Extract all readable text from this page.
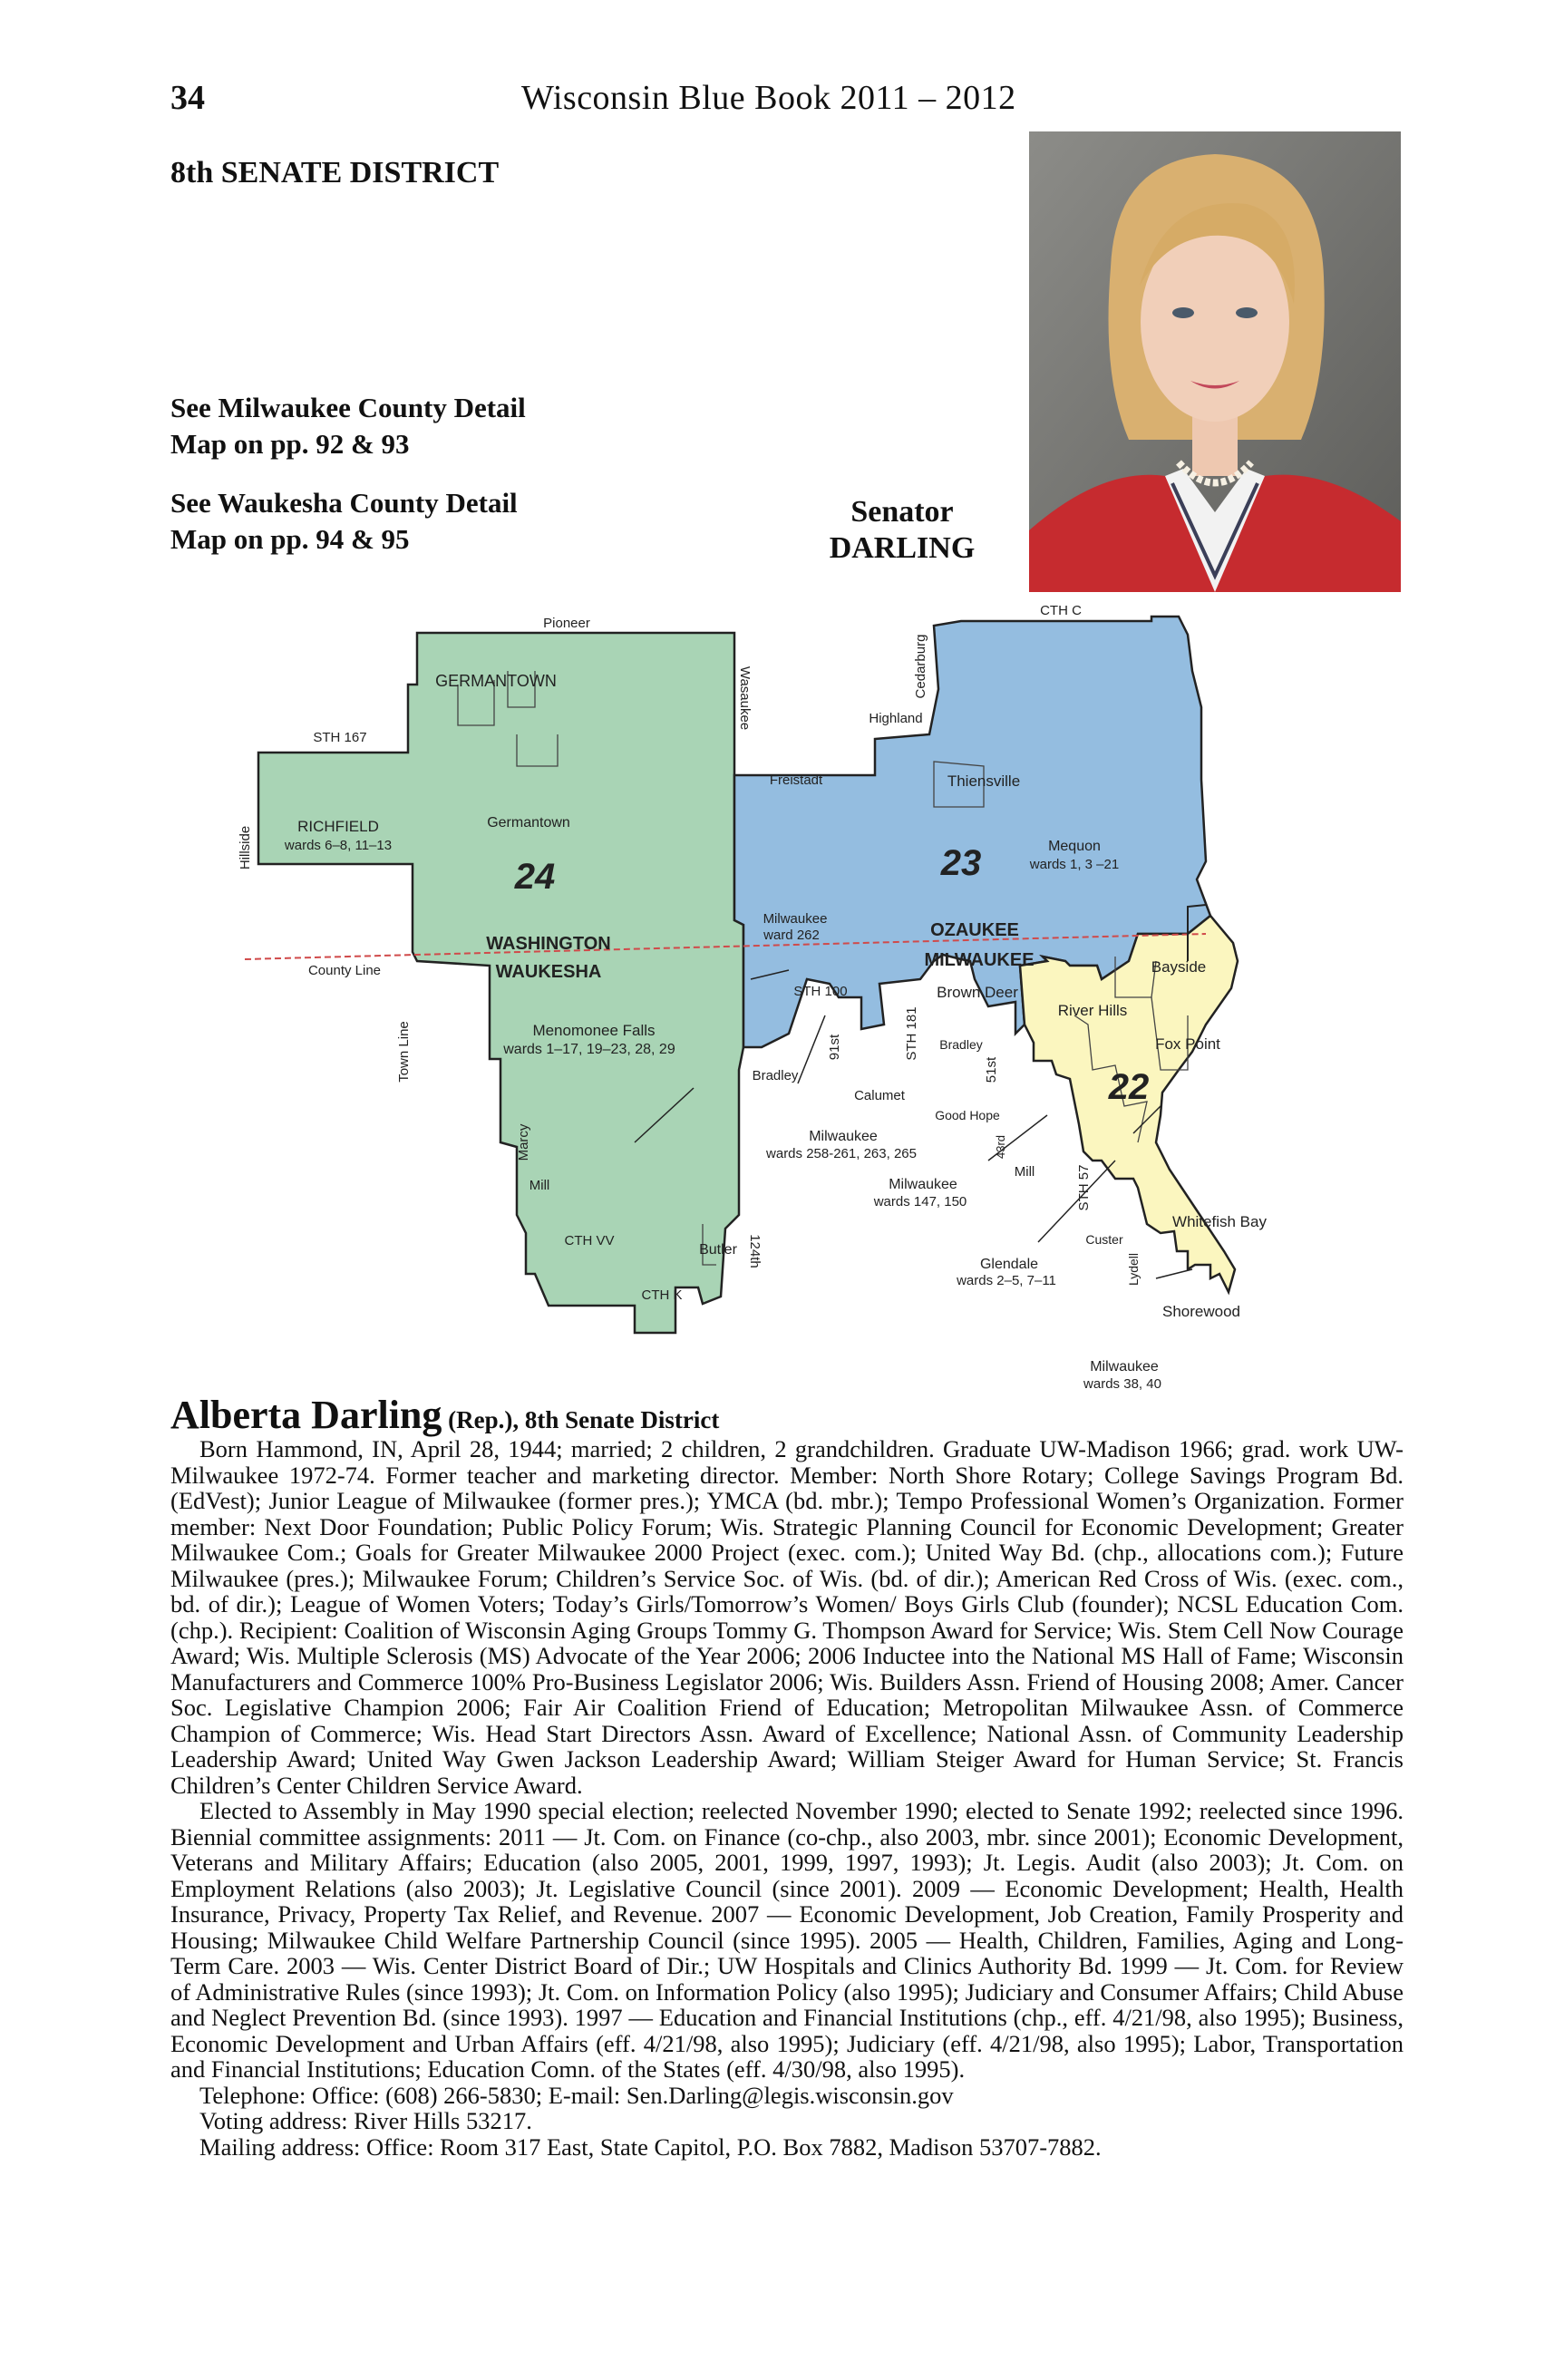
34	Wisconsin Blue Book 2011 – 2012
8th SENATE DISTRICT
See Milwaukee County Detail
Map on pp. 92 & 93
See Waukesha County Detail
Map on pp. 94 & 95
Senator
DARLING
24	23
22
WASHINGTON
WAUKESHA
OZAUKEE
MILWAUKEE
Pioneer
Wasaukee
STH 167
Hillside
County Line
Town Line
Marcy
Mill
CTH VV
CTH K
124th
CTH C
Cedarburg
Freistadt
STH 100
91st	STH 181
51st
43rd
Mill	STH 57
Custer
Lydell
GERMANTOWN
RICHFIELD
wards 6–8, 11–13
Germantown
Menomonee Falls
wards 1–17, 19–23, 28, 29
Butler
Highland
Thiensville
Mequon
wards 1, 3 –21
Milwaukee
ward 262
Bayside
Brown Deer
River Hills
Fox Point
Bradley
Bradley
Calumet
Good Hope
Milwaukee
wards 258-261, 263, 265
Milwaukee
wards 147, 150
Glendale
wards 2–5, 7–11
Whitefish Bay
Shorewood
Milwaukee
wards 38, 40
Alberta Darling (Rep.), 8th Senate District

Born Hammond, IN, April 28, 1944; married; 2 children, 2 grandchildren. Graduate UW-Madison 1966; grad. work UW-Milwaukee 1972-74. Former teacher and marketing director. Member: North Shore Rotary; College Savings Program Bd. (EdVest); Junior League of Milwaukee (former pres.); YMCA (bd. mbr.); Tempo Professional Women’s Organization. Former member: Next Door Foundation; Public Policy Forum; Wis. Strategic Planning Council for Economic Development; Greater Milwaukee Com.; Goals for Greater Milwaukee 2000 Project (exec. com.); United Way Bd. (chp., allocations com.); Future Milwaukee (pres.); Milwaukee Forum; Children’s Service Soc. of Wis. (bd. of dir.); American Red Cross of Wis. (exec. com., bd. of dir.); League of Women Voters; Today’s Girls/Tomorrow’s Women/ Boys Girls Club (founder); NCSL Education Com. (chp.). Recipient: Coalition of Wisconsin Aging Groups Tommy G. Thompson Award for Service; Wis. Stem Cell Now Courage Award; Wis. Multiple Sclerosis (MS) Advocate of the Year 2006; 2006 Inductee into the National MS Hall of Fame; Wisconsin Manufacturers and Commerce 100% Pro-Business Legislator 2006; Wis. Builders Assn. Friend of Housing 2008; Amer. Cancer Soc. Legislative Champion 2006; Fair Air Coalition Friend of Education; Metropolitan Milwaukee Assn. of Commerce Champion of Commerce; Wis. Head Start Directors Assn. Award of Excellence; National Assn. of Community Leadership Leadership Award; United Way Gwen Jackson Leadership Award; William Steiger Award for Human Service; St. Francis Children’s Center Children Service Award.

Elected to Assembly in May 1990 special election; reelected November 1990; elected to Senate 1992; reelected since 1996. Biennial committee assignments: 2011 — Jt. Com. on Finance (co-chp., also 2003, mbr. since 2001); Economic Development, Veterans and Military Affairs; Education (also 2005, 2001, 1999, 1997, 1993); Jt. Legis. Audit (also 2003); Jt. Com. on Employment Relations (also 2003); Jt. Legislative Council (since 2001). 2009 — Economic Development; Health, Health Insurance, Privacy, Property Tax Relief, and Revenue. 2007 — Economic Development, Job Creation, Family Prosperity and Housing; Milwaukee Child Welfare Partnership Council (since 1995). 2005 — Health, Children, Families, Aging and Long-Term Care. 2003 — Wis. Center District Board of Dir.; UW Hospitals and Clinics Authority Bd. 1999 — Jt. Com. for Review of Administrative Rules (since 1993); Jt. Com. on Information Policy (also 1995); Judiciary and Consumer Affairs; Child Abuse and Neglect Prevention Bd. (since 1993). 1997 — Education and Financial Institutions (chp., eff. 4/21/98, also 1995); Business, Economic Development and Urban Affairs (eff. 4/21/98, also 1995); Judiciary (eff. 4/21/98, also 1995); Labor, Transportation and Financial Institutions; Education Comn. of the States (eff. 4/30/98, also 1995).

Telephone: Office: (608) 266-5830; E-mail: Sen.Darling@legis.wisconsin.gov

Voting address: River Hills 53217.

Mailing address: Office: Room 317 East, State Capitol, P.O. Box 7882, Madison 53707-7882.
